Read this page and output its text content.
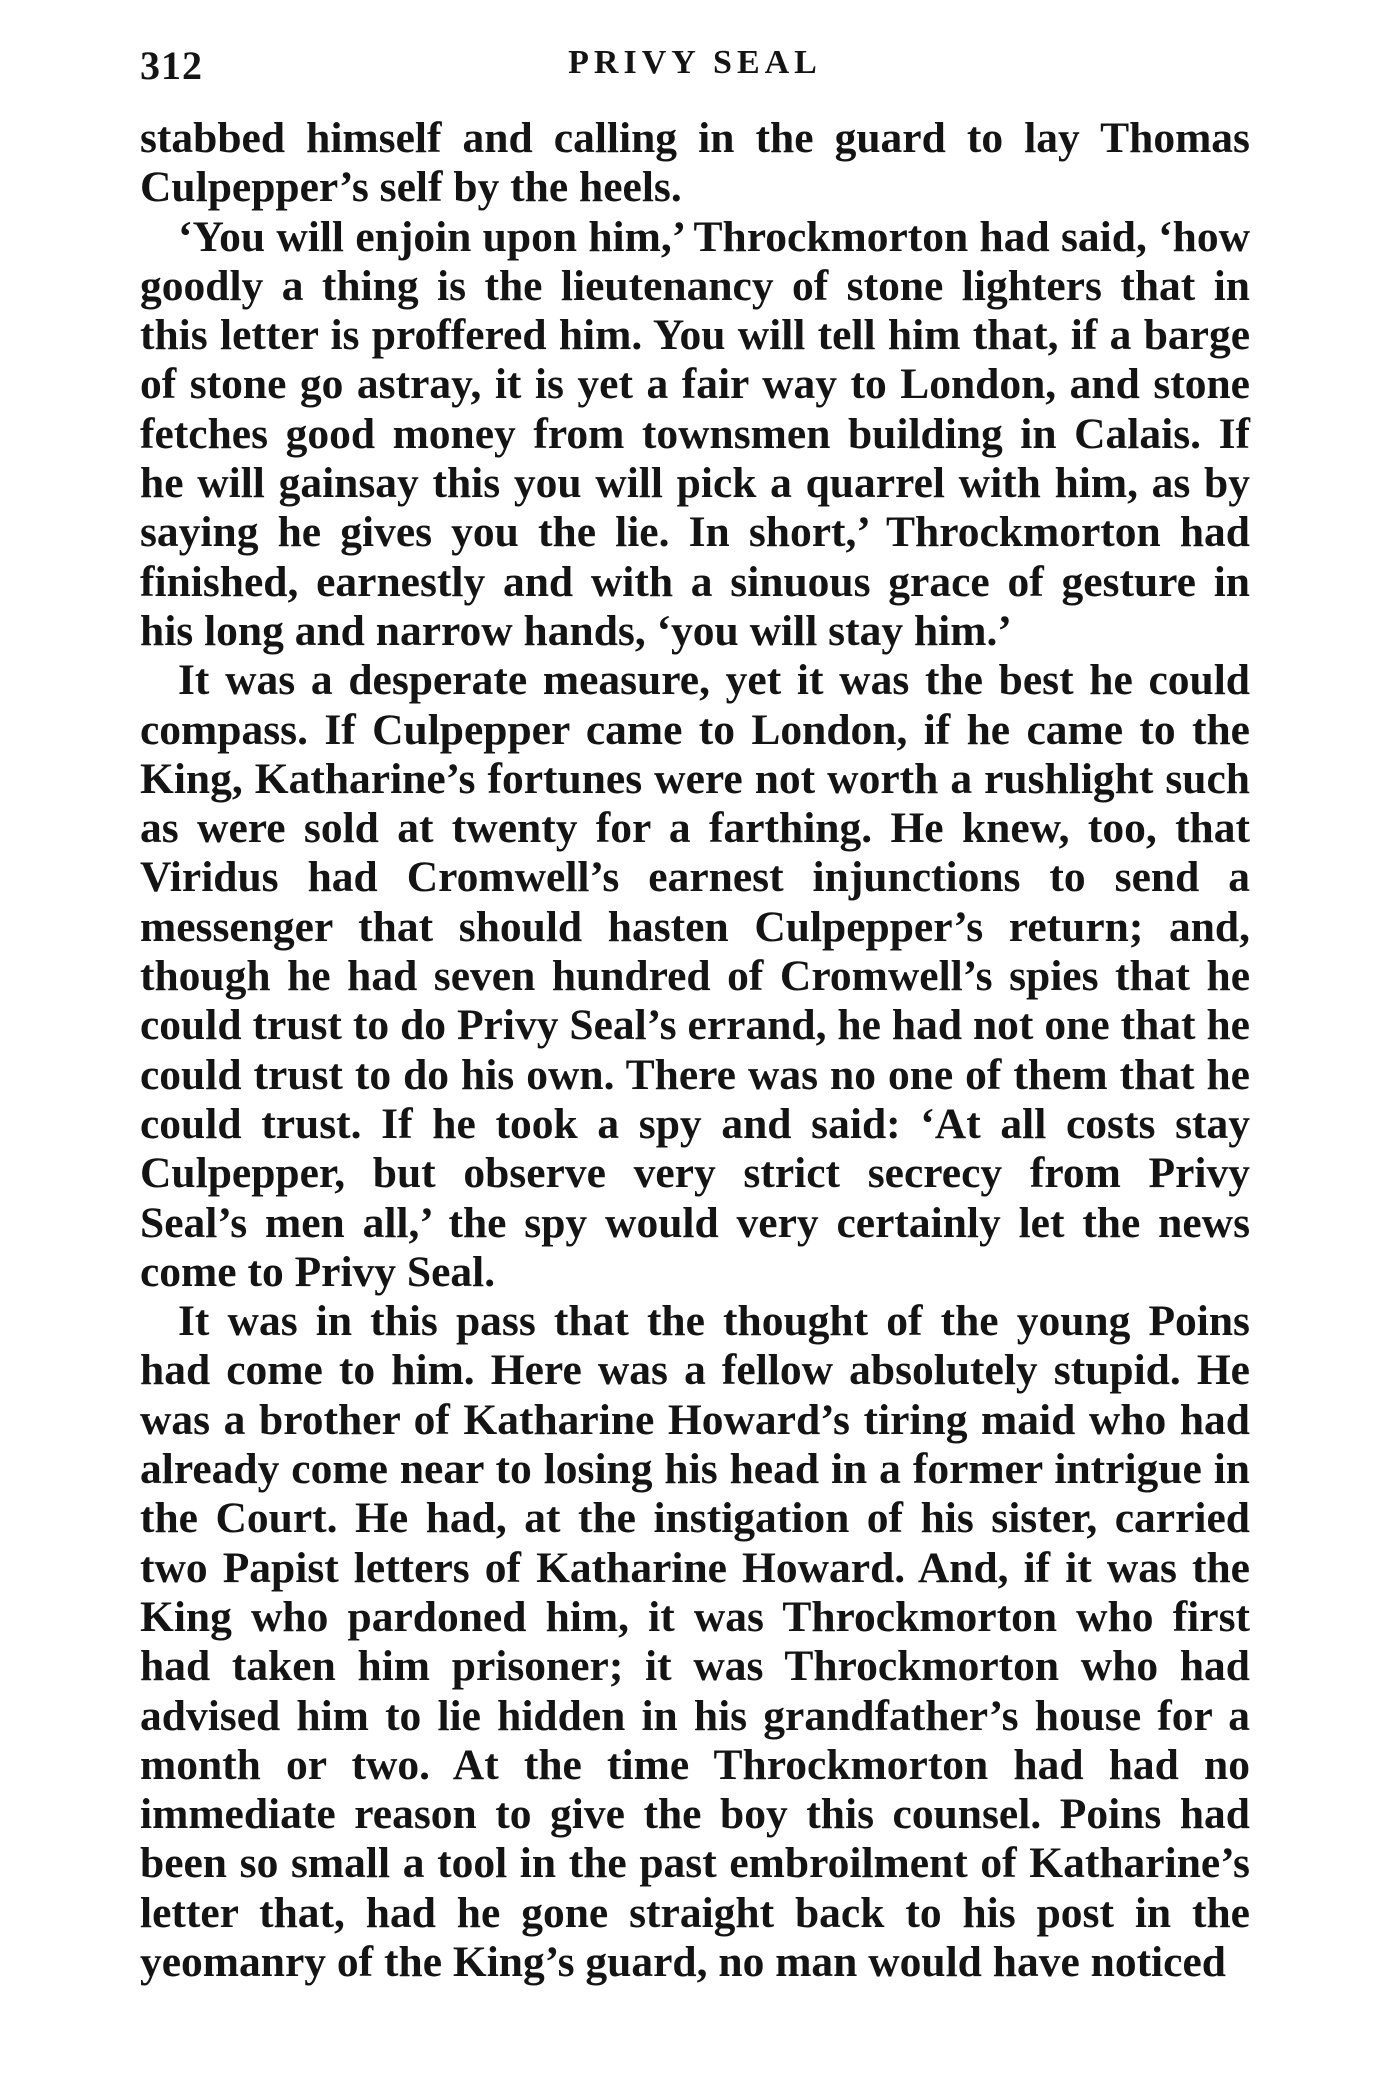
312	PRIVY SEAL

stabbed himself and calling in the guard to lay Thomas Culpepper’s self by the heels.

‘You will enjoin upon him,’ Throckmorton had said, ‘how goodly a thing is the lieutenancy of stone lighters that in this letter is proffered him. You will tell him that, if a barge of stone go astray, it is yet a fair way to London, and stone fetches good money from townsmen building in Calais. If he will gainsay this you will pick a quarrel with him, as by saying he gives you the lie. In short,’ Throckmorton had finished, earnestly and with a sinuous grace of gesture in his long and narrow hands, ‘you will stay him.’

It was a desperate measure, yet it was the best he could compass. If Culpepper came to London, if he came to the King, Katharine’s fortunes were not worth a rushlight such as were sold at twenty for a farthing. He knew, too, that Viridus had Cromwell’s earnest injunctions to send a messenger that should hasten Culpepper’s return; and, though he had seven hundred of Cromwell’s spies that he could trust to do Privy Seal’s errand, he had not one that he could trust to do his own. There was no one of them that he could trust. If he took a spy and said: ‘At all costs stay Culpepper, but observe very strict secrecy from Privy Seal’s men all,’ the spy would very certainly let the news come to Privy Seal.

It was in this pass that the thought of the young Poins had come to him. Here was a fellow absolutely stupid. He was a brother of Katharine Howard’s tiring maid who had already come near to losing his head in a former intrigue in the Court. He had, at the instigation of his sister, carried two Papist letters of Katharine Howard. And, if it was the King who pardoned him, it was Throckmorton who first had taken him prisoner; it was Throckmorton who had advised him to lie hidden in his grandfather’s house for a month or two. At the time Throckmorton had had no immediate reason to give the boy this counsel. Poins had been so small a tool in the past embroilment of Katharine’s letter that, had he gone straight back to his post in the yeomanry of the King’s guard, no man would have noticed
